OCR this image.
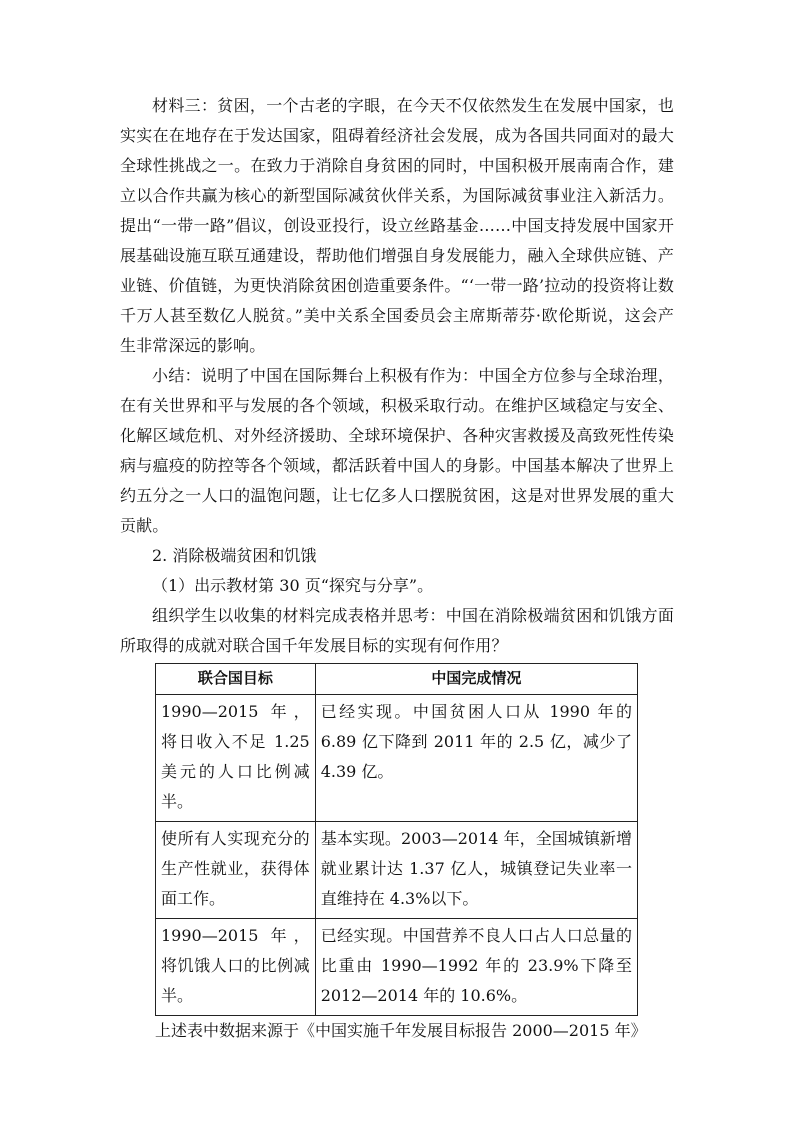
材料三：贫困，一个古老的字眼，在今天不仅依然发生在发展中国家，也实实在在地存在于发达国家，阻碍着经济社会发展，成为各国共同面对的最大全球性挑战之一。在致力于消除自身贫困的同时，中国积极开展南南合作，建立以合作共赢为核心的新型国际减贫伙伴关系，为国际减贫事业注入新活力。提出“一带一路”倡议，创设亚投行，设立丝路基金……中国支持发展中国家开展基础设施互联互通建设，帮助他们增强自身发展能力，融入全球供应链、产业链、价值链，为更快消除贫困创造重要条件。“‘一带一路’拉动的投资将让数千万人甚至数亿人脱贫。”美中关系全国委员会主席斯蒂芬·欧伦斯说，这会产生非常深远的影响。

小结：说明了中国在国际舞台上积极有作为：中国全方位参与全球治理，在有关世界和平与发展的各个领域，积极采取行动。在维护区域稳定与安全、化解区域危机、对外经济援助、全球环境保护、各种灾害救援及高致死性传染病与瘟疫的防控等各个领域，都活跃着中国人的身影。中国基本解决了世界上约五分之一人口的温饱问题，让七亿多人口摆脱贫困，这是对世界发展的重大贡献。

2. 消除极端贫困和饥饿

（1）出示教材第 30 页“探究与分享”。

组织学生以收集的材料完成表格并思考：中国在消除极端贫困和饥饿方面所取得的成就对联合国千年发展目标的实现有何作用？

联合国目标	中国完成情况
1990—2015 年，将日收入不足 1.25 美元的人口比例减半。	已经实现。中国贫困人口从 1990 年的 6.89 亿下降到 2011 年的 2.5 亿，减少了 4.39 亿。
使所有人实现充分的生产性就业，获得体面工作。	基本实现。2003—2014 年，全国城镇新增就业累计达 1.37 亿人，城镇登记失业率一直维持在 4.3%以下。
1990—2015 年，将饥饿人口的比例减半。	已经实现。中国营养不良人口占人口总量的比重由 1990—1992 年的 23.9%下降至 2012—2014 年的 10.6%。

上述表中数据来源于《中国实施千年发展目标报告 2000—2015 年》
